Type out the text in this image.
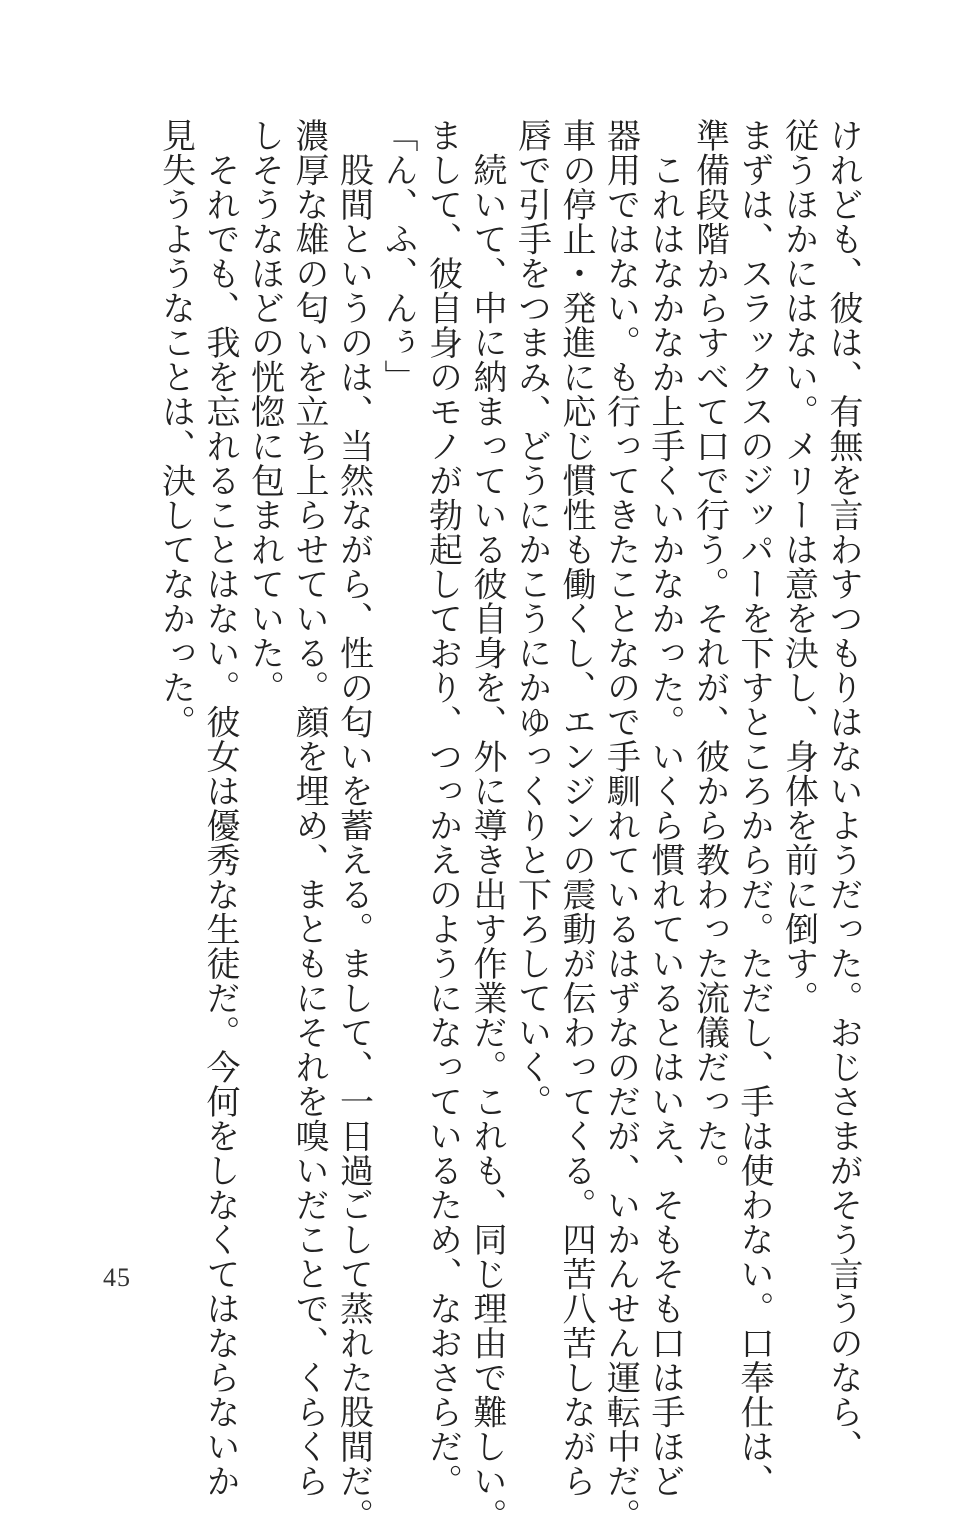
けれども、彼は、有無を言わすつもりはないようだった。おじさまがそう言うのなら、
従うほかにはない。メリーは意を決し、身体を前に倒す。
まずは、スラックスのジッパーを下すところからだ。ただし、手は使わない。口奉仕は、
準備段階からすべて口で行う。それが、彼から教わった流儀だった。
　これはなかなか上手くいかなかった。いくら慣れているとはいえ、そもそも口は手ほど
器用ではない。も行ってきたことなので手馴れているはずなのだが、いかんせん運転中だ。
車の停止・発進に応じ慣性も働くし、エンジンの震動が伝わってくる。四苦八苦しながら
唇で引手をつまみ、どうにかこうにかゆっくりと下ろしていく。
　続いて、中に納まっている彼自身を、外に導き出す作業だ。これも、同じ理由で難しい。
まして、彼自身のモノが勃起しており、つっかえのようになっているため、なおさらだ。
「ん、ふ、んぅ」
　股間というのは、当然ながら、性の匂いを蓄える。まして、一日過ごして蒸れた股間だ。
濃厚な雄の匂いを立ち上らせている。顔を埋め、まともにそれを嗅いだことで、くらくら
しそうなほどの恍惚に包まれていた。
　それでも、我を忘れることはない。彼女は優秀な生徒だ。今何をしなくてはならないか
見失うようなことは、決してなかった。
45
